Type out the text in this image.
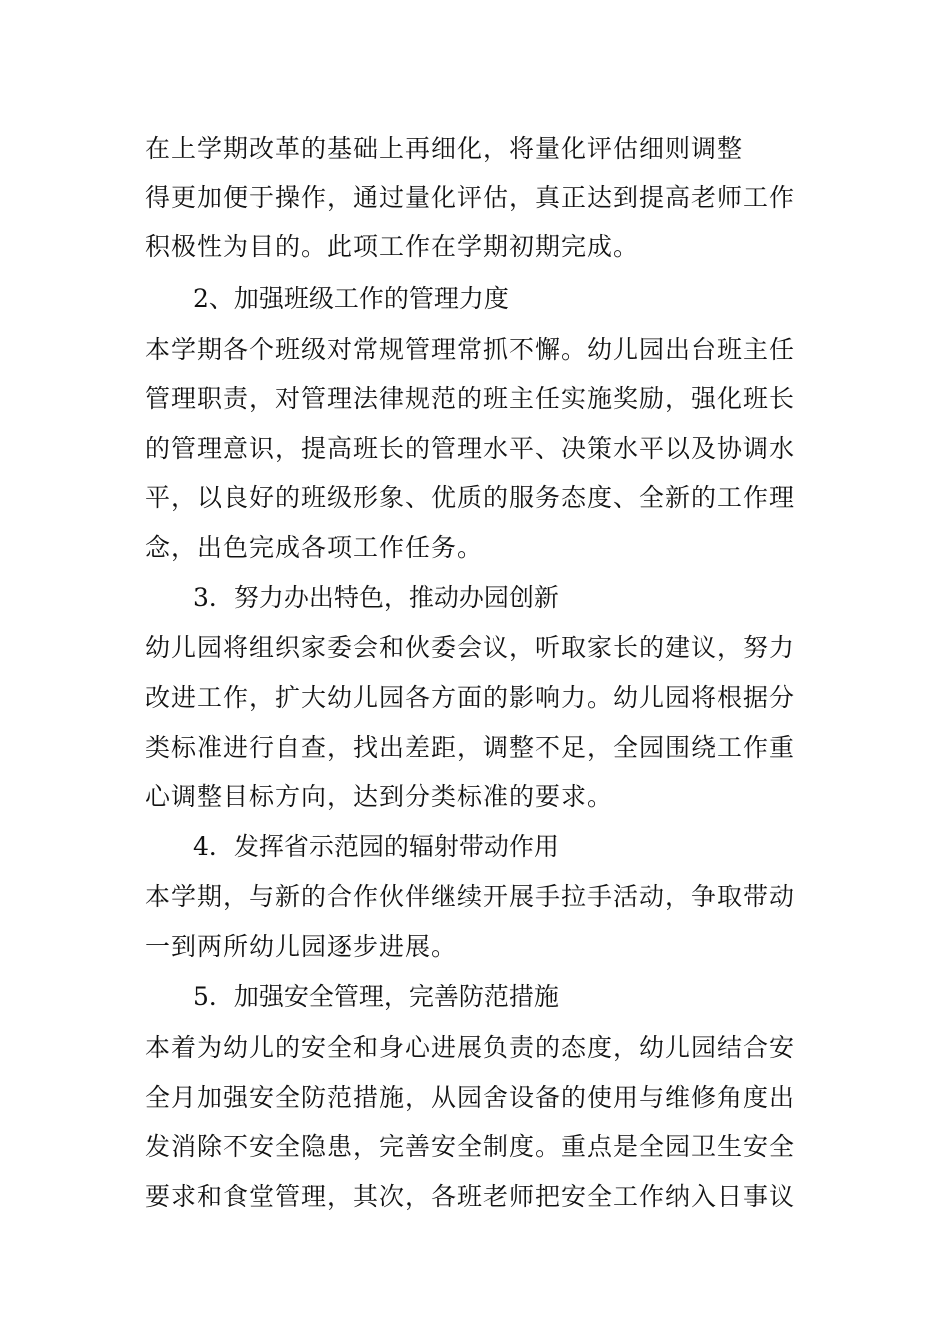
在上学期改革的基础上再细化，将量化评估细则调整
得更加便于操作，通过量化评估，真正达到提高老师工作
积极性为目的。此项工作在学期初期完成。
2、加强班级工作的管理力度
本学期各个班级对常规管理常抓不懈。幼儿园出台班主任
管理职责，对管理法律规范的班主任实施奖励，强化班长
的管理意识，提高班长的管理水平、决策水平以及协调水
平，以良好的班级形象、优质的服务态度、全新的工作理
念，出色完成各项工作任务。
3．努力办出特色，推动办园创新
幼儿园将组织家委会和伙委会议，听取家长的建议，努力
改进工作，扩大幼儿园各方面的影响力。幼儿园将根据分
类标准进行自查，找出差距，调整不足，全园围绕工作重
心调整目标方向，达到分类标准的要求。
4．发挥省示范园的辐射带动作用
本学期，与新的合作伙伴继续开展手拉手活动，争取带动
一到两所幼儿园逐步进展。
5．加强安全管理，完善防范措施
本着为幼儿的安全和身心进展负责的态度，幼儿园结合安
全月加强安全防范措施，从园舍设备的使用与维修角度出
发消除不安全隐患，完善安全制度。重点是全园卫生安全
要求和食堂管理，其次，各班老师把安全工作纳入日事议
